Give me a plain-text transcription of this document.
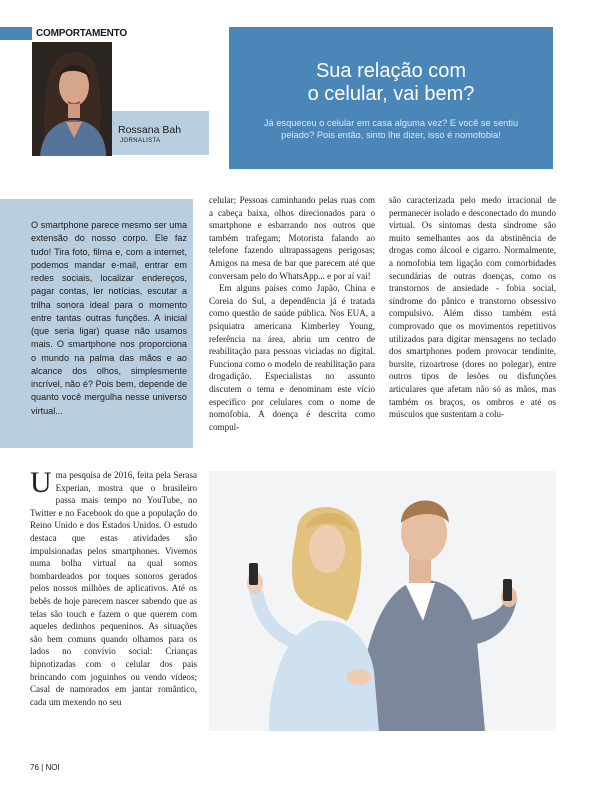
COMPORTAMENTO
Rossana Bah
JORNALISTA
Sua relação com
o celular, vai bem?
Já esqueceu o celular em casa alguma vez? E você se sentiu
pelado? Pois então, sinto lhe dizer, isso é nomofobia!
O smartphone parece mesmo ser uma extensão do nosso corpo. Ele faz tudo! Tira foto, filma e, com a internet, podemos mandar e-mail, entrar em redes sociais, localizar endereços, pagar contas, ler notícias, escutar a trilha sonora ideal para o momento entre tantas outras funções. A inicial (que seria ligar) quase não usamos mais. O smartphone nos proporciona o mundo na palma das mãos e ao alcance dos olhos, simplesmente incrível, não é? Pois bem, depende de quanto você mergulha nesse universo virtual...

celular; Pessoas caminhando pelas ruas com a cabeça baixa, olhos direcionados para o smartphone e esbarrando nos outros que também trafegam; Motorista falando ao telefone fazendo ultrapassagens perigosas; Amigos na mesa de bar que parecem até que conversam pelo do WhatsApp... e por aí vai!

Em alguns países como Japão, China e Coreia do Sul, a dependência já é tratada como questão de saúde pública. Nos EUA, a psiquiatra americana Kimberley Young, referência na área, abriu um centro de reabilitação para pessoas viciadas no digital. Funciona como o modelo de reabilitação para drogadição. Especialistas no assunto discutem o tema e denominam este vício específico por celulares com o nome de nomofobia. A doença é descrita como compul-

são caracterizada pelo medo irracional de permanecer isolado e desconectado do mundo virtual. Os sintomas desta síndrome são muito semelhantes aos da abstinência de drogas como álcool e cigarro. Normalmente, a nomofobia tem ligação com comorbidades secundárias de outras doenças, como os transtornos de ansiedade - fobia social, síndrome do pânico e transtorno obsessivo compulsivo. Além disso também está comprovado que os movimentos repetitivos utilizados para digitar mensagens no teclado dos smartphones podem provocar tendinite, bursite, rizoartrose (dores no polegar), entre outros tipos de lesões ou disfunções articulares que afetam não só as mãos, mas também os braços, os ombros e até os músculos que sustentam a colu-

U ma pesquisa de 2016, feita pela Serasa Experian, mostra que o brasileiro passa mais tempo no YouTube, no Twitter e no Facebook do que a população do Reino Unido e dos Estados Unidos. O estudo destaca que estas atividades são impulsionadas pelos smartphones. Vivemos numa bolha virtual na qual somos bombardeados por toques sonoros gerados pelos nossos milhões de aplicativos. Até os bebês de hoje parecem nascer sabendo que as telas são touch e fazem o que querem com aqueles dedinhos pequeninos. As situações são bem comuns quando olhamos para os lados no convívio social: Crianças hipnotizadas com o celular dos pais brincando com joguinhos ou vendo vídeos; Casal de namorados em jantar romântico, cada um mexendo no seu
76 | NOI
